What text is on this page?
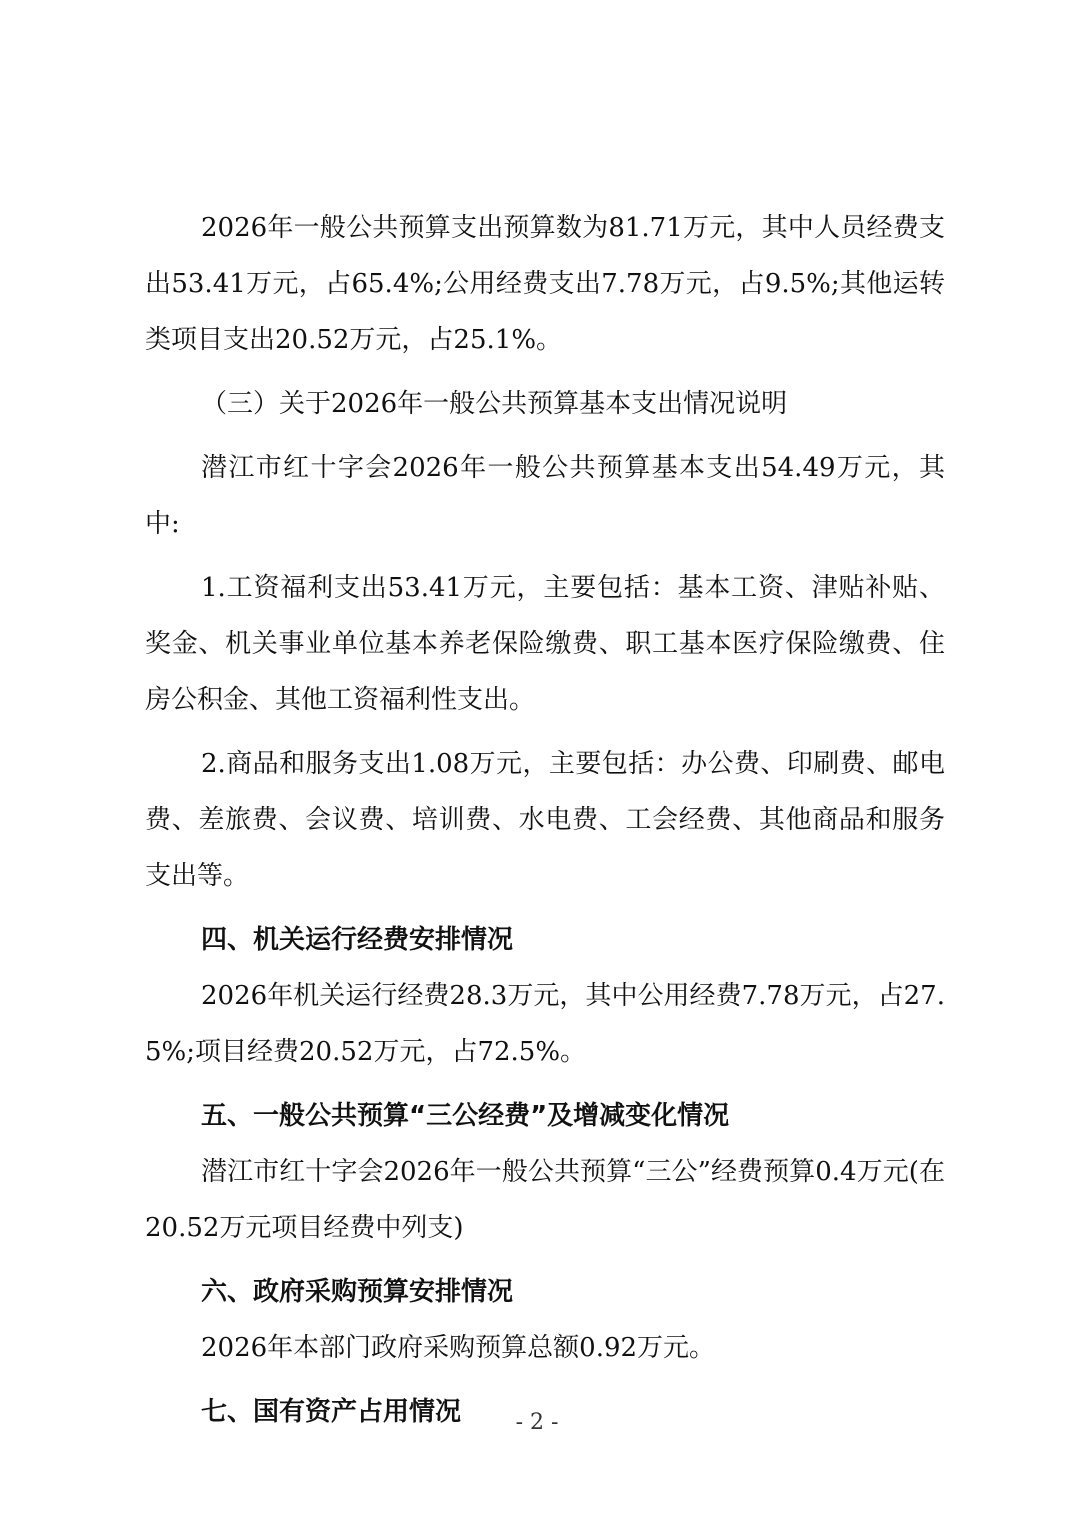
2026年一般公共预算支出预算数为81.71万元，其中人员经费支出53.41万元，占65.4%;公用经费支出7.78万元，占9.5%;其他运转类项目支出20.52万元，占25.1%。

（三）关于2026年一般公共预算基本支出情况说明

潜江市红十字会2026年一般公共预算基本支出54.49万元，其中:

1.工资福利支出53.41万元，主要包括：基本工资、津贴补贴、奖金、机关事业单位基本养老保险缴费、职工基本医疗保险缴费、住房公积金、其他工资福利性支出。

2.商品和服务支出1.08万元，主要包括：办公费、印刷费、邮电费、差旅费、会议费、培训费、水电费、工会经费、其他商品和服务支出等。

四、机关运行经费安排情况

2026年机关运行经费28.3万元，其中公用经费7.78万元，占27.5%;项目经费20.52万元，占72.5%。

五、一般公共预算“三公经费”及增减变化情况

潜江市红十字会2026年一般公共预算“三公”经费预算0.4万元(在20.52万元项目经费中列支)

六、政府采购预算安排情况

2026年本部门政府采购预算总额0.92万元。

七、国有资产占用情况	- 2 -
